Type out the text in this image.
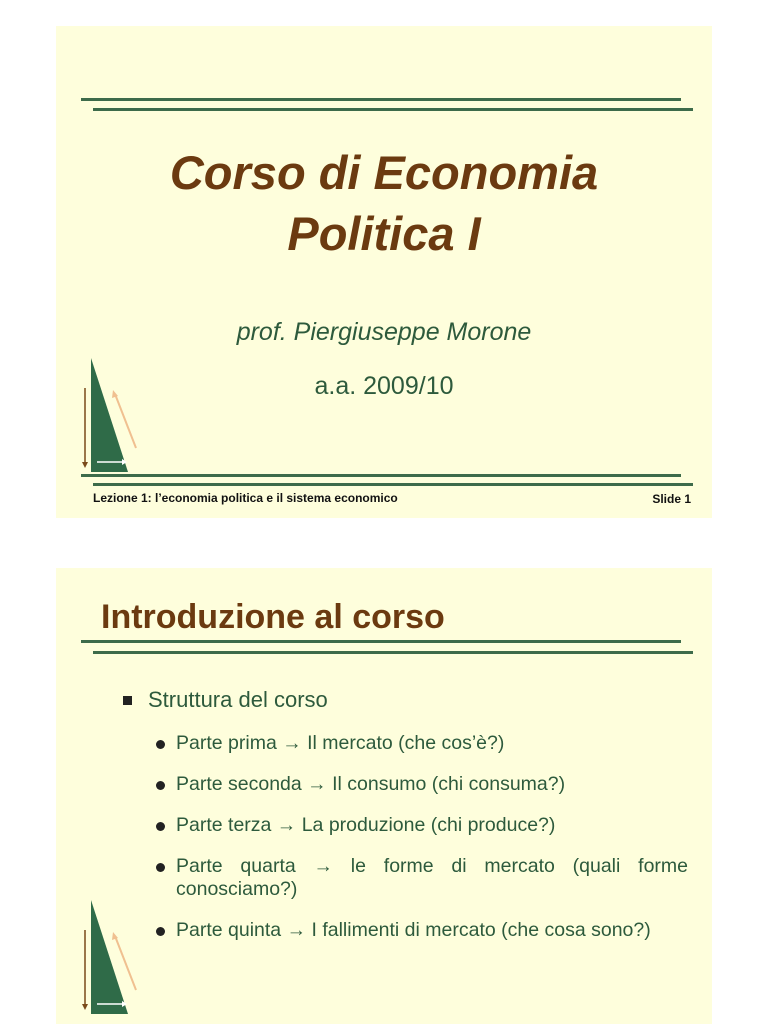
Corso di Economia
Politica I
prof. Piergiuseppe Morone
a.a. 2009/10
Lezione 1: l’economia politica e il sistema economico	Slide 1
Introduzione al corso
Struttura del corso
Parte prima → Il mercato (che cos’è?)
Parte seconda → Il consumo (chi consuma?)
Parte terza → La produzione (chi produce?)
Parte quarta → le forme di mercato (quali forme conosciamo?)
Parte quinta → I fallimenti di mercato (che cosa sono?)
